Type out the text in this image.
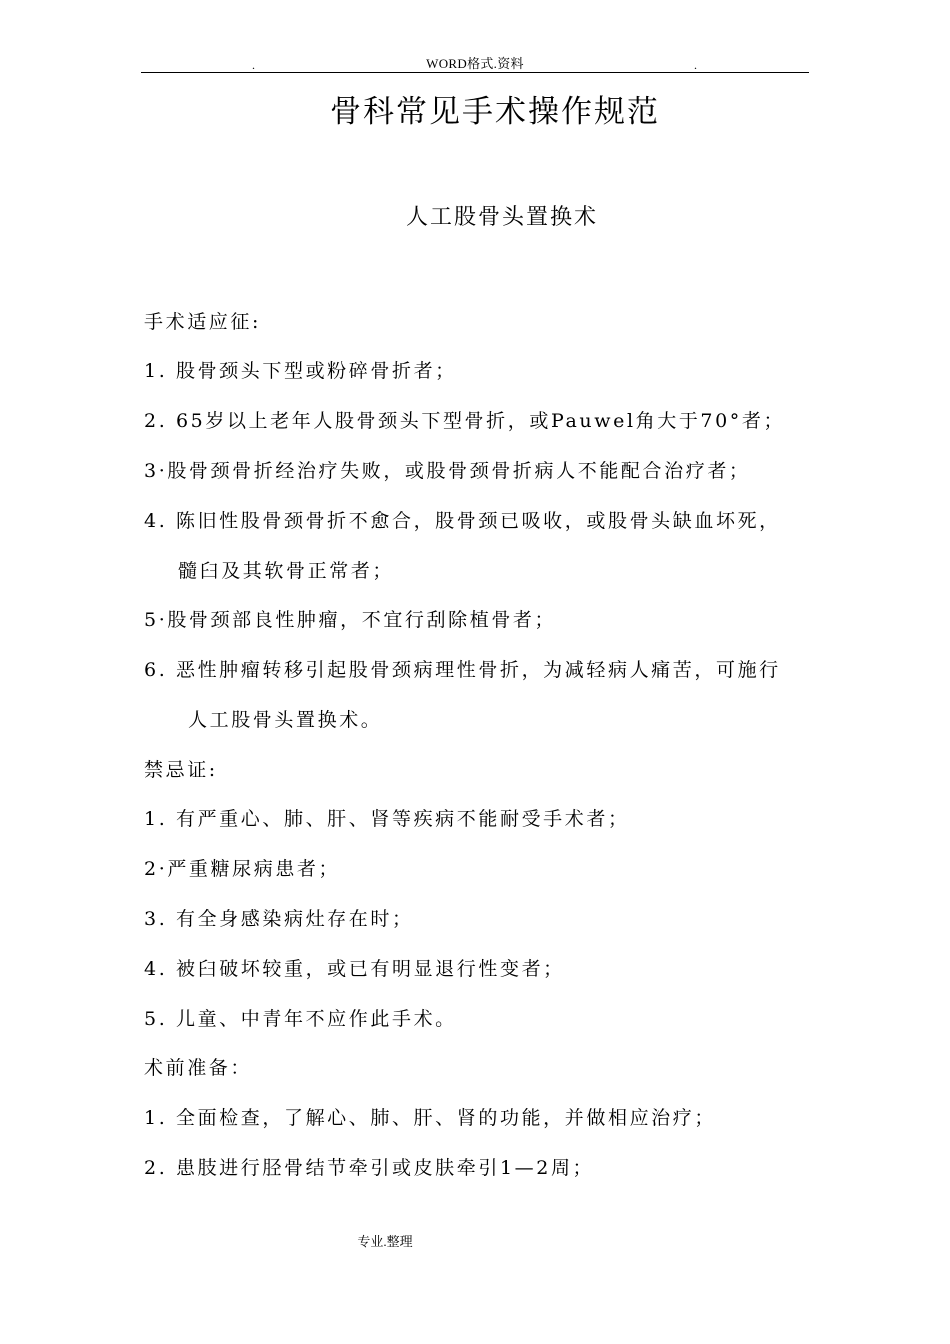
.	WORD格式.资料	.
骨科常见手术操作规范
人工股骨头置换术
手术适应征:
1. 股骨颈头下型或粉碎骨折者；
2. 65岁以上老年人股骨颈头下型骨折，或Pauwel角大于70°者；
3·股骨颈骨折经治疗失败，或股骨颈骨折病人不能配合治疗者；
4. 陈旧性股骨颈骨折不愈合，股骨颈已吸收，或股骨头缺血坏死，
髓臼及其软骨正常者；
5·股骨颈部良性肿瘤，不宜行刮除植骨者；
6. 恶性肿瘤转移引起股骨颈病理性骨折，为减轻病人痛苦，可施行
人工股骨头置换术。
禁忌证:
1. 有严重心、肺、肝、肾等疾病不能耐受手术者；
2·严重糖尿病患者；
3. 有全身感染病灶存在时；
4. 被臼破坏较重，或已有明显退行性变者；
5. 儿童、中青年不应作此手术。
术前准备：
1. 全面检查，了解心、肺、肝、肾的功能，并做相应治疗；
2. 患肢进行胫骨结节牵引或皮肤牵引1—2周；
专业.整理
